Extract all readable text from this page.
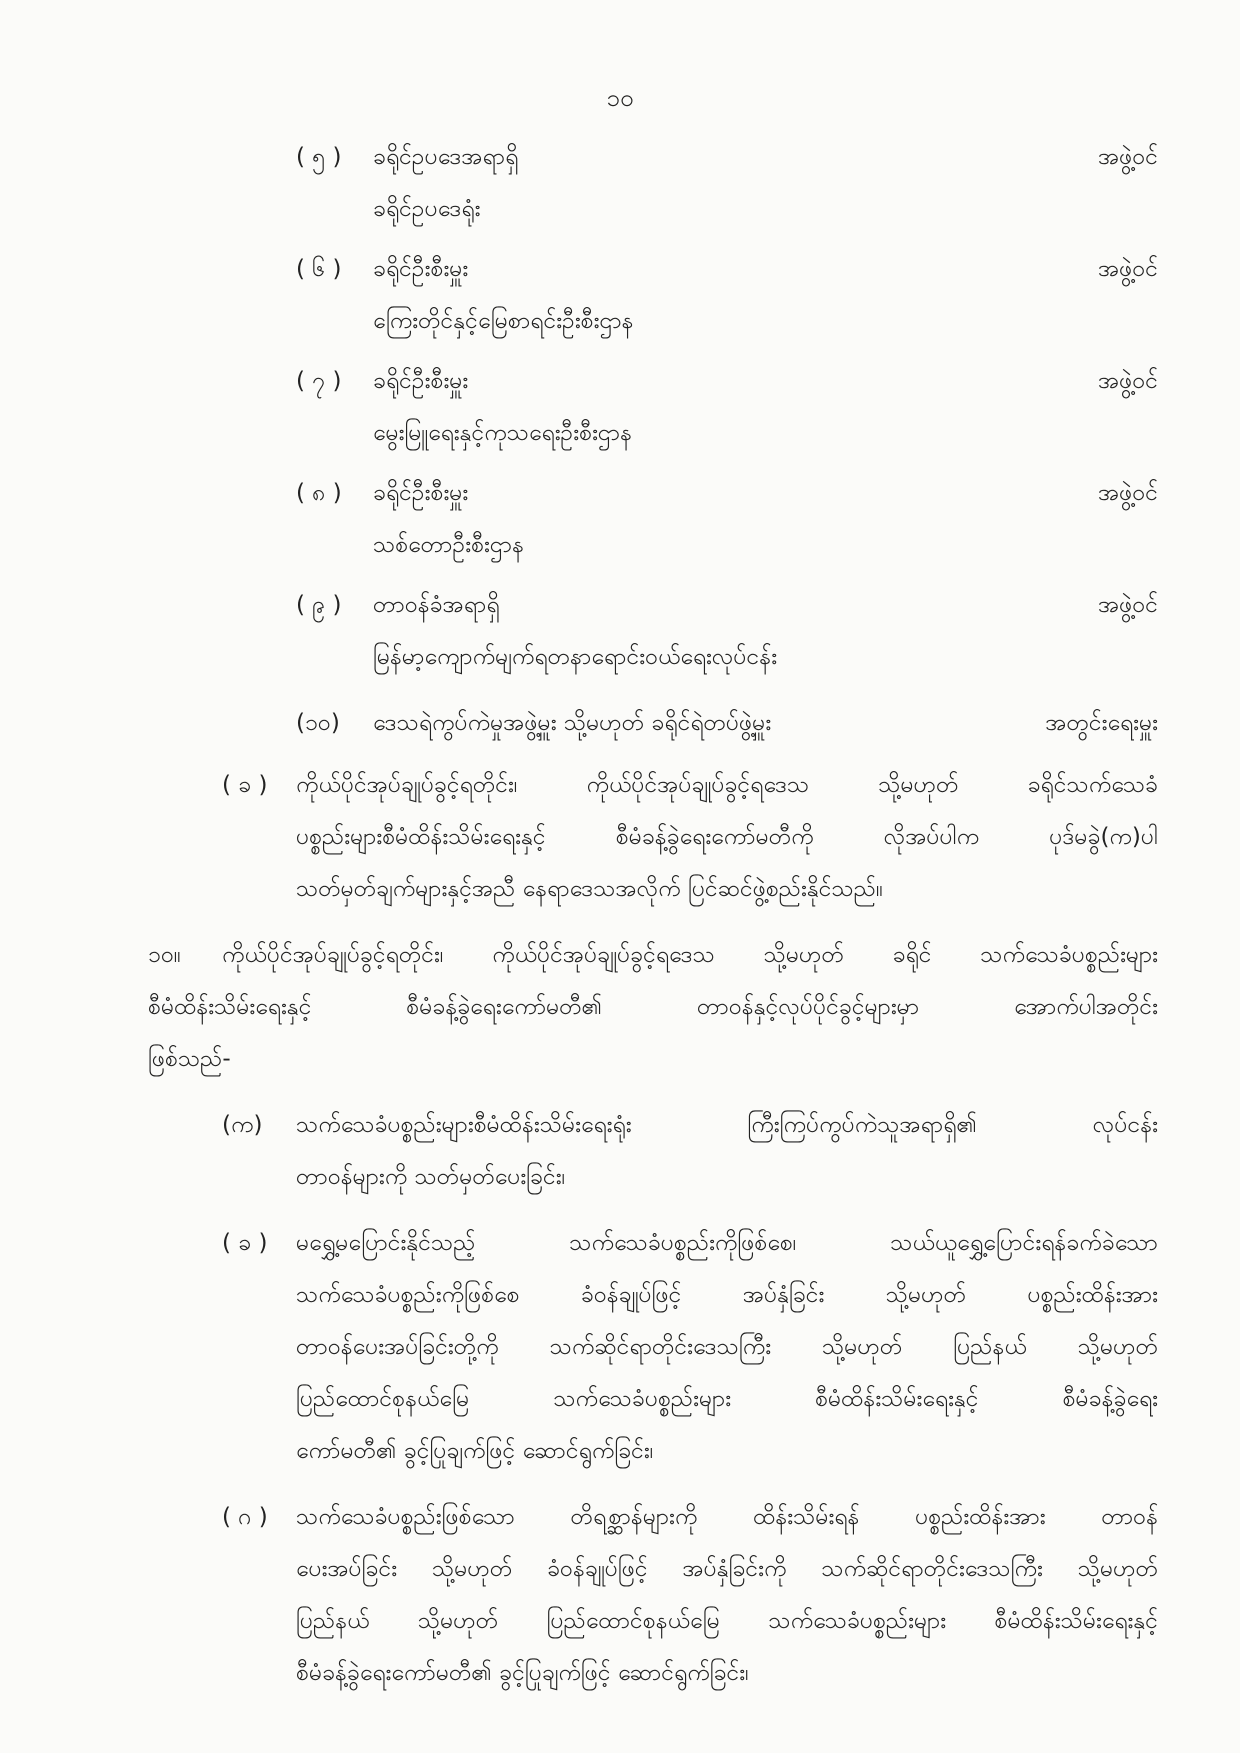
၁၀
( ၅ ) ခရိုင်ဥပဒေအရာရှိ
ခရိုင်ဥပဒေရုံး
အဖွဲ့ဝင်
( ၆ ) ခရိုင်ဦးစီးမှူး
ကြေးတိုင်နှင့်မြေစာရင်းဦးစီးဌာန
အဖွဲ့ဝင်
( ၇ ) ခရိုင်ဦးစီးမှူး
မွေးမြူရေးနှင့်ကုသရေးဦးစီးဌာန
အဖွဲ့ဝင်
( ၈ ) ခရိုင်ဦးစီးမှူး
သစ်တောဦးစီးဌာန
အဖွဲ့ဝင်
( ၉ ) တာဝန်ခံအရာရှိ
မြန်မာ့ကျောက်မျက်ရတနာရောင်းဝယ်ရေးလုပ်ငန်း
အဖွဲ့ဝင်
(၁၀) ဒေသရဲကွပ်ကဲမှုအဖွဲ့မှူး သို့မဟုတ် ခရိုင်ရဲတပ်ဖွဲ့မှူး	အတွင်းရေးမှူး
( ခ ) ကိုယ်ပိုင်အုပ်ချုပ်ခွင့်ရတိုင်း၊ ကိုယ်ပိုင်အုပ်ချုပ်ခွင့်ရဒေသ သို့မဟုတ် ခရိုင်သက်သေခံ
ပစ္စည်းများစီမံထိန်းသိမ်းရေးနှင့် စီမံခန့်ခွဲရေးကော်မတီကို လိုအပ်ပါက ပုဒ်မခွဲ(က)ပါ
သတ်မှတ်ချက်များနှင့်အညီ နေရာဒေသအလိုက် ပြင်ဆင်ဖွဲ့စည်းနိုင်သည်။
၁၀။ ကိုယ်ပိုင်အုပ်ချုပ်ခွင့်ရတိုင်း၊ ကိုယ်ပိုင်အုပ်ချုပ်ခွင့်ရဒေသ သို့မဟုတ် ခရိုင် သက်သေခံပစ္စည်းများ
စီမံထိန်းသိမ်းရေးနှင့် စီမံခန့်ခွဲရေးကော်မတီ၏ တာဝန်နှင့်လုပ်ပိုင်ခွင့်များမှာ အောက်ပါအတိုင်း
ဖြစ်သည်-
(က) သက်သေခံပစ္စည်းများစီမံထိန်းသိမ်းရေးရုံး ကြီးကြပ်ကွပ်ကဲသူအရာရှိ၏ လုပ်ငန်း
တာဝန်များကို သတ်မှတ်ပေးခြင်း၊
( ခ ) မရွှေ့မပြောင်းနိုင်သည့် သက်သေခံပစ္စည်းကိုဖြစ်စေ၊ သယ်ယူရွှေ့ပြောင်းရန်ခက်ခဲသော
သက်သေခံပစ္စည်းကိုဖြစ်စေ ခံဝန်ချုပ်ဖြင့် အပ်နှံခြင်း သို့မဟုတ် ပစ္စည်းထိန်းအား
တာဝန်ပေးအပ်ခြင်းတို့ကို သက်ဆိုင်ရာတိုင်းဒေသကြီး သို့မဟုတ် ပြည်နယ် သို့မဟုတ်
ပြည်ထောင်စုနယ်မြေ သက်သေခံပစ္စည်းများ စီမံထိန်းသိမ်းရေးနှင့် စီမံခန့်ခွဲရေး
ကော်မတီ၏ ခွင့်ပြုချက်ဖြင့် ဆောင်ရွက်ခြင်း၊
( ဂ ) သက်သေခံပစ္စည်းဖြစ်သော တိရစ္ဆာန်များကို ထိန်းသိမ်းရန် ပစ္စည်းထိန်းအား တာဝန်
ပေးအပ်ခြင်း သို့မဟုတ် ခံဝန်ချုပ်ဖြင့် အပ်နှံခြင်းကို သက်ဆိုင်ရာတိုင်းဒေသကြီး သို့မဟုတ်
ပြည်နယ် သို့မဟုတ် ပြည်ထောင်စုနယ်မြေ သက်သေခံပစ္စည်းများ စီမံထိန်းသိမ်းရေးနှင့်
စီမံခန့်ခွဲရေးကော်မတီ၏ ခွင့်ပြုချက်ဖြင့် ဆောင်ရွက်ခြင်း၊
